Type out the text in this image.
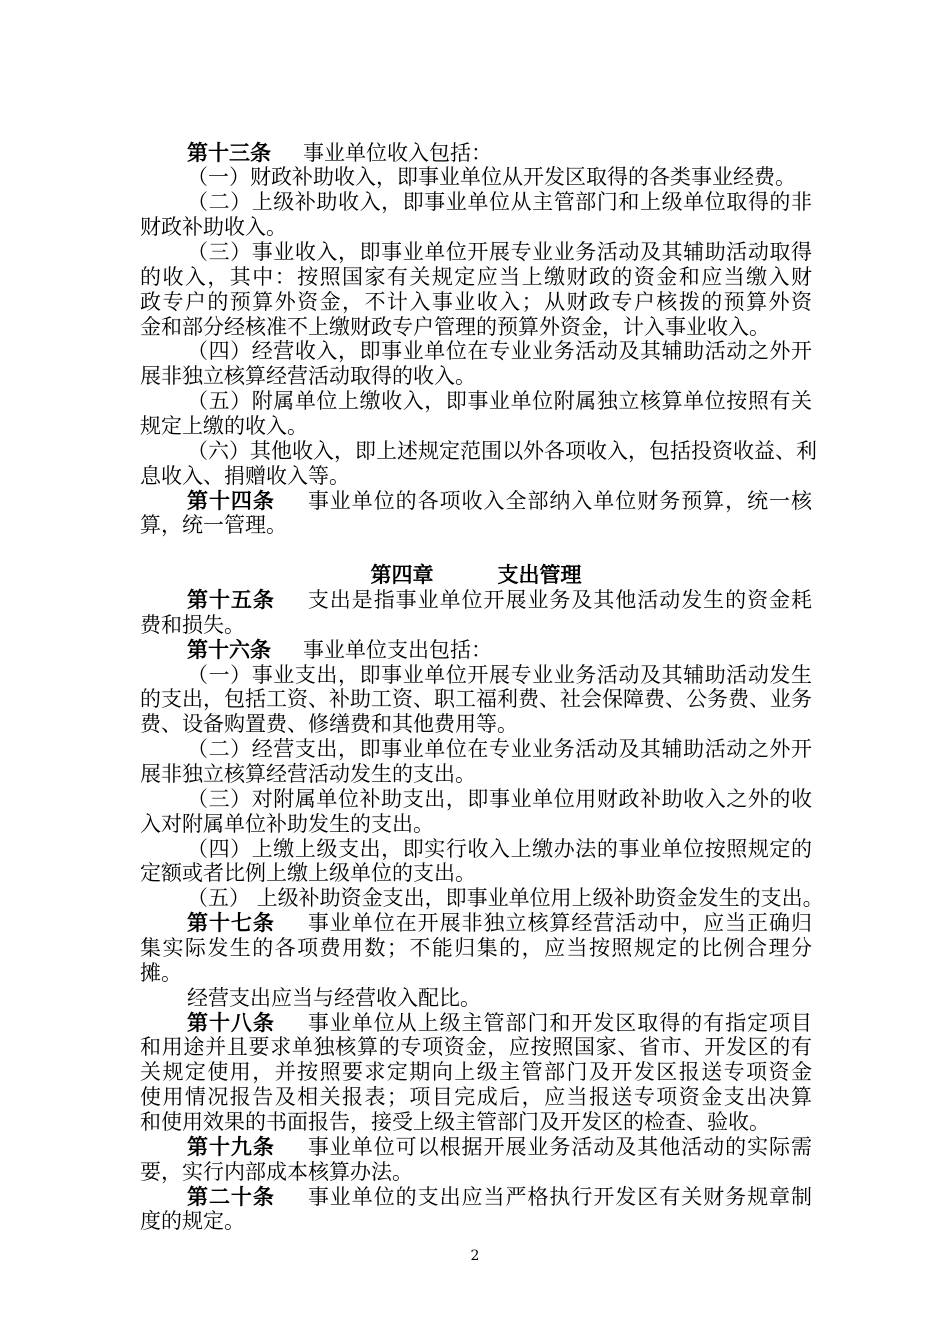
第十三条 事业单位收入包括：
（一）财政补助收入，即事业单位从开发区取得的各类事业经费。
（二）上级补助收入，即事业单位从主管部门和上级单位取得的非
财政补助收入。
（三）事业收入，即事业单位开展专业业务活动及其辅助活动取得
的收入，其中：按照国家有关规定应当上缴财政的资金和应当缴入财
政专户的预算外资金，不计入事业收入；从财政专户核拨的预算外资
金和部分经核准不上缴财政专户管理的预算外资金，计入事业收入。
（四）经营收入，即事业单位在专业业务活动及其辅助活动之外开
展非独立核算经营活动取得的收入。
（五）附属单位上缴收入，即事业单位附属独立核算单位按照有关
规定上缴的收入。
（六）其他收入，即上述规定范围以外各项收入，包括投资收益、利
息收入、捐赠收入等。
第十四条 事业单位的各项收入全部纳入单位财务预算，统一核
算，统一管理。
第四章	支出管理
第十五条 支出是指事业单位开展业务及其他活动发生的资金耗
费和损失。
第十六条 事业单位支出包括：
（一）事业支出，即事业单位开展专业业务活动及其辅助活动发生
的支出，包括工资、补助工资、职工福利费、社会保障费、公务费、业务
费、设备购置费、修缮费和其他费用等。
（二）经营支出，即事业单位在专业业务活动及其辅助活动之外开
展非独立核算经营活动发生的支出。
（三）对附属单位补助支出，即事业单位用财政补助收入之外的收
入对附属单位补助发生的支出。
（四）上缴上级支出，即实行收入上缴办法的事业单位按照规定的
定额或者比例上缴上级单位的支出。
（五） 上级补助资金支出，即事业单位用上级补助资金发生的支出。
第十七条 事业单位在开展非独立核算经营活动中，应当正确归
集实际发生的各项费用数；不能归集的，应当按照规定的比例合理分
摊。
经营支出应当与经营收入配比。
第十八条 事业单位从上级主管部门和开发区取得的有指定项目
和用途并且要求单独核算的专项资金，应按照国家、省市、开发区的有
关规定使用，并按照要求定期向上级主管部门及开发区报送专项资金
使用情况报告及相关报表；项目完成后，应当报送专项资金支出决算
和使用效果的书面报告，接受上级主管部门及开发区的检查、验收。
第十九条 事业单位可以根据开展业务活动及其他活动的实际需
要，实行内部成本核算办法。
第二十条 事业单位的支出应当严格执行开发区有关财务规章制
度的规定。
2
